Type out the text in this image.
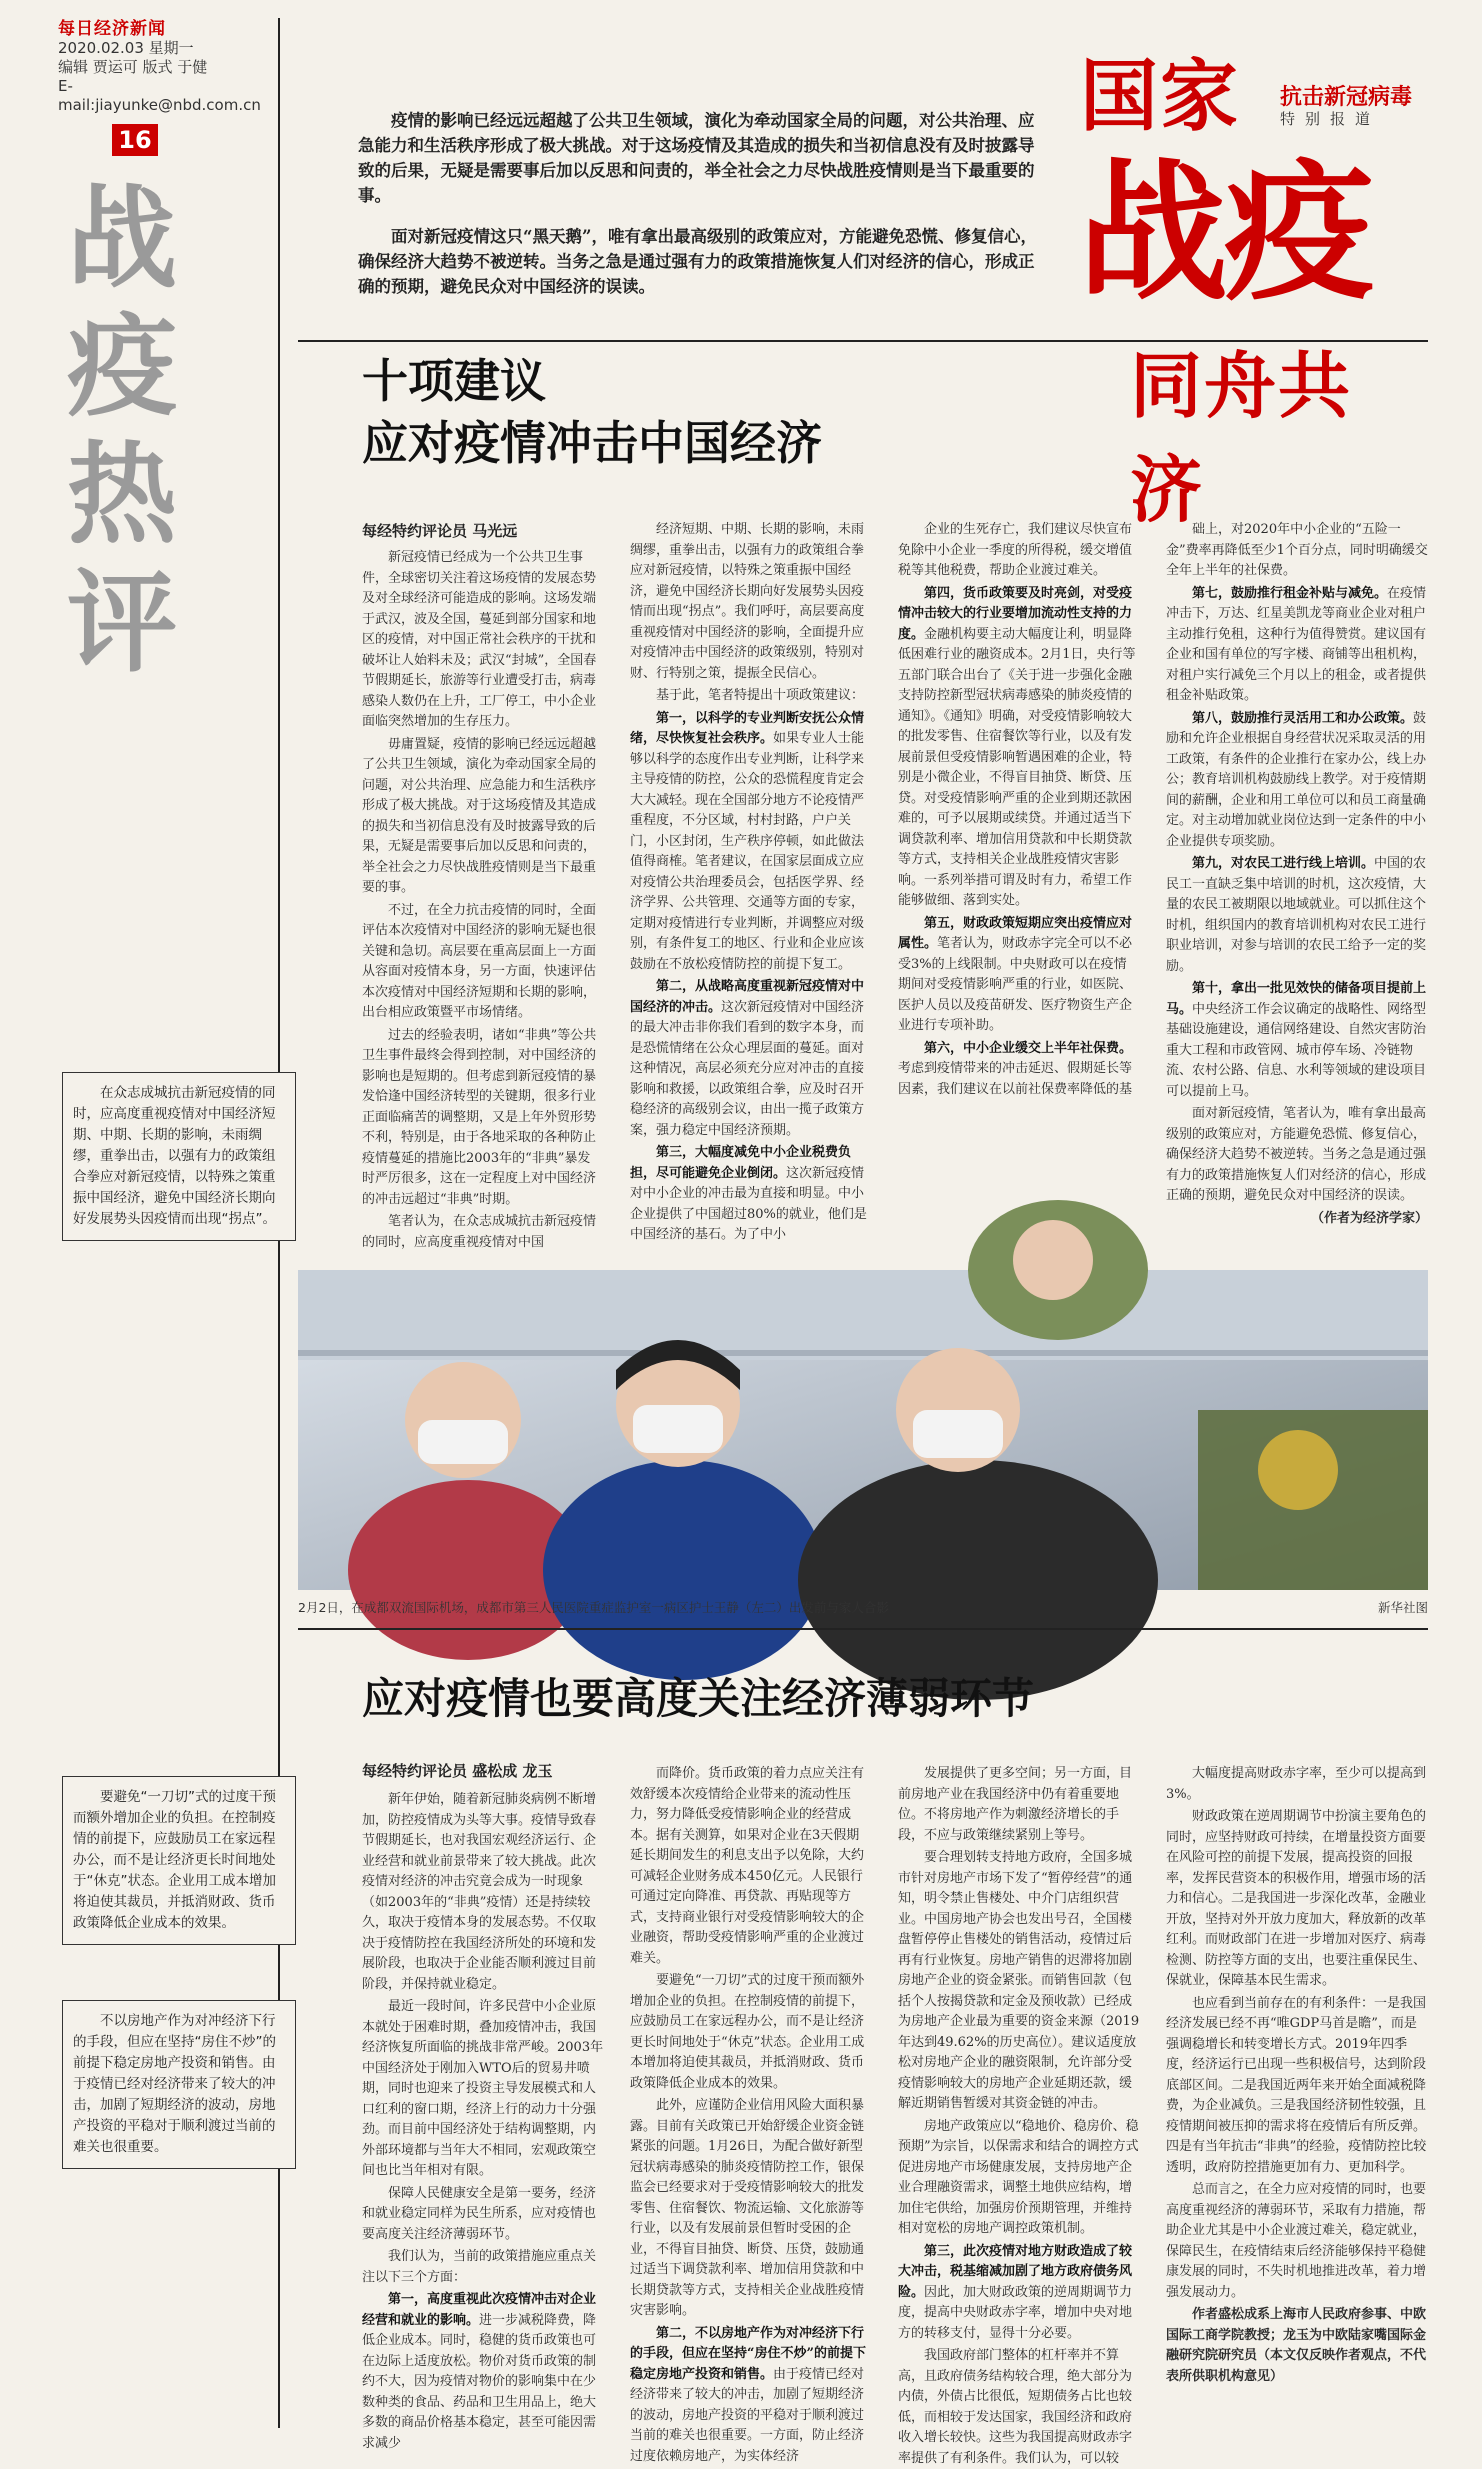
每日经济新闻
2020.02.03 星期一
编辑 贾运可 版式 于健
E-mail:jiayunke@nbd.com.cn
16
战
疫
热
评
在众志成城抗击新冠疫情的同时，应高度重视疫情对中国经济短期、中期、长期的影响，未雨绸缪，重拳出击，以强有力的政策组合拳应对新冠疫情，以特殊之策重振中国经济，避免中国经济长期向好发展势头因疫情而出现“拐点”。
要避免“一刀切”式的过度干预而额外增加企业的负担。在控制疫情的前提下，应鼓励员工在家远程办公，而不是让经济更长时间地处于“休克”状态。企业用工成本增加将迫使其裁员，并抵消财政、货币政策降低企业成本的效果。
不以房地产作为对冲经济下行的手段，但应在坚持“房住不炒”的前提下稳定房地产投资和销售。由于疫情已经对经济带来了较大的冲击，加剧了短期经济的波动，房地产投资的平稳对于顺利渡过当前的难关也很重要。

疫情的影响已经远远超越了公共卫生领域，演化为牵动国家全局的问题，对公共治理、应急能力和生活秩序形成了极大挑战。对于这场疫情及其造成的损失和当初信息没有及时披露导致的后果，无疑是需要事后加以反思和问责的，举全社会之力尽快战胜疫情则是当下最重要的事。

面对新冠疫情这只“黑天鹅”，唯有拿出最高级别的政策应对，方能避免恐慌、修复信心，确保经济大趋势不被逆转。当务之急是通过强有力的政策措施恢复人们对经济的信心，形成正确的预期，避免民众对中国经济的误读。

国家 抗击新冠病毒
特别报道
战疫
同舟共济
十项建议
应对疫情冲击中国经济
每经特约评论员 马光远

新冠疫情已经成为一个公共卫生事件，全球密切关注着这场疫情的发展态势及对全球经济可能造成的影响。这场发端于武汉，波及全国，蔓延到部分国家和地区的疫情，对中国正常社会秩序的干扰和破坏让人始料未及；武汉“封城”，全国春节假期延长，旅游等行业遭受打击，病毒感染人数仍在上升，工厂停工，中小企业面临突然增加的生存压力。

毋庸置疑，疫情的影响已经远远超越了公共卫生领域，演化为牵动国家全局的问题，对公共治理、应急能力和生活秩序形成了极大挑战。对于这场疫情及其造成的损失和当初信息没有及时披露导致的后果，无疑是需要事后加以反思和问责的，举全社会之力尽快战胜疫情则是当下最重要的事。

不过，在全力抗击疫情的同时，全面评估本次疫情对中国经济的影响无疑也很关键和急切。高层要在重高层面上一方面从容面对疫情本身，另一方面，快速评估本次疫情对中国经济短期和长期的影响，出台相应政策暨平市场情绪。

过去的经验表明，诸如“非典”等公共卫生事件最终会得到控制，对中国经济的影响也是短期的。但考虑到新冠疫情的暴发恰逢中国经济转型的关键期，很多行业正面临痛苦的调整期，又是上年外贸形势不利，特别是，由于各地采取的各种防止疫情蔓延的措施比2003年的“非典”暴发时严厉很多，这在一定程度上对中国经济的冲击远超过“非典”时期。

笔者认为，在众志成城抗击新冠疫情的同时，应高度重视疫情对中国

经济短期、中期、长期的影响，未雨绸缪，重拳出击，以强有力的政策组合拳应对新冠疫情，以特殊之策重振中国经济，避免中国经济长期向好发展势头因疫情而出现“拐点”。我们呼吁，高层要高度重视疫情对中国经济的影响，全面提升应对疫情冲击中国经济的政策级别，特别对财、行特别之策，提振全民信心。

基于此，笔者特提出十项政策建议：

第一，以科学的专业判断安抚公众情绪，尽快恢复社会秩序。如果专业人士能够以科学的态度作出专业判断，让科学来主导疫情的防控，公众的恐慌程度肯定会大大减轻。现在全国部分地方不论疫情严重程度，不分区域，村村封路，户户关门，小区封闭，生产秩序停顿，如此做法值得商榷。笔者建议，在国家层面成立应对疫情公共治理委员会，包括医学界、经济学界、公共管理、交通等方面的专家，定期对疫情进行专业判断，并调整应对级别，有条件复工的地区、行业和企业应该鼓励在不放松疫情防控的前提下复工。

第二，从战略高度重视新冠疫情对中国经济的冲击。这次新冠疫情对中国经济的最大冲击非你我们看到的数字本身，而是恐慌情绪在公众心理层面的蔓延。面对这种情况，高层必须充分应对冲击的直接影响和救援，以政策组合拳，应及时召开稳经济的高级别会议，由出一揽子政策方案，强力稳定中国经济预期。

第三，大幅度减免中小企业税费负担，尽可能避免企业倒闭。这次新冠疫情对中小企业的冲击最为直接和明显。中小企业提供了中国超过80%的就业，他们是中国经济的基石。为了中小

企业的生死存亡，我们建议尽快宣布免除中小企业一季度的所得税，缓交增值税等其他税费，帮助企业渡过难关。

第四，货币政策要及时亮剑，对受疫情冲击较大的行业要增加流动性支持的力度。金融机构要主动大幅度让利，明显降低困难行业的融资成本。2月1日，央行等五部门联合出台了《关于进一步强化金融支持防控新型冠状病毒感染的肺炎疫情的通知》。《通知》明确，对受疫情影响较大的批发零售、住宿餐饮等行业，以及有发展前景但受疫情影响暂遇困难的企业，特别是小微企业，不得盲目抽贷、断贷、压贷。对受疫情影响严重的企业到期还款困难的，可予以展期或续贷。并通过适当下调贷款利率、增加信用贷款和中长期贷款等方式，支持相关企业战胜疫情灾害影响。一系列举措可谓及时有力，希望工作能够做细、落到实处。

第五，财政政策短期应突出疫情应对属性。笔者认为，财政赤字完全可以不必受3%的上线限制。中央财政可以在疫情期间对受疫情影响严重的行业，如医院、医护人员以及疫苗研发、医疗物资生产企业进行专项补助。

第六，中小企业缓交上半年社保费。考虑到疫情带来的冲击延迟、假期延长等因素，我们建议在以前社保费率降低的基

础上，对2020年中小企业的“五险一金”费率再降低至少1个百分点，同时明确缓交全年上半年的社保费。

第七，鼓励推行租金补贴与减免。在疫情冲击下，万达、红星美凯龙等商业企业对租户主动推行免租，这种行为值得赞赏。建议国有企业和国有单位的写字楼、商铺等出租机构，对租户实行减免三个月以上的租金，或者提供租金补贴政策。

第八，鼓励推行灵活用工和办公政策。鼓励和允许企业根据自身经营状况采取灵活的用工政策，有条件的企业推行在家办公，线上办公；教育培训机构鼓励线上教学。对于疫情期间的薪酬，企业和用工单位可以和员工商量确定。对主动增加就业岗位达到一定条件的中小企业提供专项奖励。

第九，对农民工进行线上培训。中国的农民工一直缺乏集中培训的时机，这次疫情，大量的农民工被期限以地域就业。可以抓住这个时机，组织国内的教育培训机构对农民工进行职业培训，对参与培训的农民工给予一定的奖励。

第十，拿出一批见效快的储备项目提前上马。中央经济工作会议确定的战略性、网络型基础设施建设，通信网络建设、自然灾害防治重大工程和市政管网、城市停车场、冷链物流、农村公路、信息、水利等领域的建设项目可以提前上马。

面对新冠疫情，笔者认为，唯有拿出最高级别的政策应对，方能避免恐慌、修复信心，确保经济大趋势不被逆转。当务之急是通过强有力的政策措施恢复人们对经济的信心，形成正确的预期，避免民众对中国经济的误读。

（作者为经济学家）

2月2日，在成都双流国际机场，成都市第三人民医院重症监护室一病区护士王静（左二）出发前与家人合影	新华社图
应对疫情也要高度关注经济薄弱环节
每经特约评论员 盛松成 龙玉

新年伊始，随着新冠肺炎病例不断增加，防控疫情成为头等大事。疫情导致春节假期延长，也对我国宏观经济运行、企业经营和就业前景带来了较大挑战。此次疫情对经济的冲击究竟会成为一时现象（如2003年的“非典”疫情）还是持续较久，取决于疫情本身的发展态势。不仅取决于疫情防控在我国经济所处的环境和发展阶段，也取决于企业能否顺利渡过目前阶段，并保持就业稳定。

最近一段时间，许多民营中小企业原本就处于困难时期，叠加疫情冲击，我国经济恢复所面临的挑战非常严峻。2003年中国经济处于刚加入WTO后的贸易井喷期，同时也迎来了投资主导发展模式和人口红利的窗口期，经济上行的动力十分强劲。而目前中国经济处于结构调整期，内外部环境都与当年大不相同，宏观政策空间也比当年相对有限。

保障人民健康安全是第一要务，经济和就业稳定同样为民生所系，应对疫情也要高度关注经济薄弱环节。

我们认为，当前的政策措施应重点关注以下三个方面：

第一，高度重视此次疫情冲击对企业经营和就业的影响。进一步减税降费，降低企业成本。同时，稳健的货币政策也可在边际上适度放松。物价对货币政策的制约不大，因为疫情对物价的影响集中在少数种类的食品、药品和卫生用品上，绝大多数的商品价格基本稳定，甚至可能因需求减少

而降价。货币政策的着力点应关注有效舒缓本次疫情给企业带来的流动性压力，努力降低受疫情影响企业的经营成本。据有关测算，如果对企业在3天假期延长期间发生的利息支出予以免除，大约可减轻企业财务成本450亿元。人民银行可通过定向降准、再贷款、再贴现等方式，支持商业银行对受疫情影响较大的企业融资，帮助受疫情影响严重的企业渡过难关。

要避免“一刀切”式的过度干预而额外增加企业的负担。在控制疫情的前提下，应鼓励员工在家远程办公，而不是让经济更长时间地处于“休克”状态。企业用工成本增加将迫使其裁员，并抵消财政、货币政策降低企业成本的效果。

此外，应谨防企业信用风险大面积暴露。目前有关政策已开始舒缓企业资金链紧张的问题。1月26日，为配合做好新型冠状病毒感染的肺炎疫情防控工作，银保监会已经要求对于受疫情影响较大的批发零售、住宿餐饮、物流运输、文化旅游等行业，以及有发展前景但暂时受困的企业，不得盲目抽贷、断贷、压贷，鼓励通过适当下调贷款利率、增加信用贷款和中长期贷款等方式，支持相关企业战胜疫情灾害影响。

第二，不以房地产作为对冲经济下行的手段，但应在坚持“房住不炒”的前提下稳定房地产投资和销售。由于疫情已经对经济带来了较大的冲击，加剧了短期经济的波动，房地产投资的平稳对于顺利渡过当前的难关也很重要。一方面，防止经济过度依赖房地产，为实体经济

发展提供了更多空间；另一方面，目前房地产业在我国经济中仍有着重要地位。不将房地产作为刺激经济增长的手段，不应与政策继续紧别上等号。

要合理划转支持地方政府，全国多城市针对房地产市场下发了“暂停经营”的通知，明令禁止售楼处、中介门店组织营业。中国房地产协会也发出号召，全国楼盘暂停停止售楼处的销售活动，疫情过后再有行业恢复。房地产销售的迟滞将加剧房地产企业的资金紧张。而销售回款（包括个人按揭贷款和定金及预收款）已经成为房地产企业最为重要的资金来源（2019年达到49.62%的历史高位）。建议适度放松对房地产企业的融资限制，允许部分受疫情影响较大的房地产企业延期还款，缓解近期销售暂缓对其资金链的冲击。

房地产政策应以“稳地价、稳房价、稳预期”为宗旨，以保需求和结合的调控方式促进房地产市场健康发展，支持房地产企业合理融资需求，调整土地供应结构，增加住宅供给，加强房价预期管理，并维持相对宽松的房地产调控政策机制。

第三，此次疫情对地方财政造成了较大冲击，税基缩减加剧了地方政府债务风险。因此，加大财政政策的逆周期调节力度，提高中央财政赤字率，增加中央对地方的转移支付，显得十分必要。

我国政府部门整体的杠杆率并不算高，且政府债务结构较合理，绝大部分为内债，外债占比很低，短期债务占比也较低，而相较于发达国家，我国经济和政府收入增长较快。这些为我国提高财政赤字率提供了有利条件。我们认为，可以较

大幅度提高财政赤字率，至少可以提高到3%。

财政政策在逆周期调节中扮演主要角色的同时，应坚持财政可持续，在增量投资方面要在风险可控的前提下发展，提高投资的回报率，发挥民营资本的积极作用，增强市场的活力和信心。二是我国进一步深化改革，金融业开放，坚持对外开放力度加大，释放新的改革红利。而财政部门在进一步增加对医疗、病毒检测、防控等方面的支出，也要注重保民生、保就业，保障基本民生需求。

也应看到当前存在的有利条件：一是我国经济发展已经不再“唯GDP马首是瞻”，而是强调稳增长和转变增长方式。2019年四季度，经济运行已出现一些积极信号，达到阶段底部区间。二是我国近两年来开始全面减税降费，为企业减负。三是我国经济韧性较强，且疫情期间被压抑的需求将在疫情后有所反弹。四是有当年抗击“非典”的经验，疫情防控比较透明，政府防控措施更加有力、更加科学。

总而言之，在全力应对疫情的同时，也要高度重视经济的薄弱环节，采取有力措施，帮助企业尤其是中小企业渡过难关，稳定就业，保障民生，在疫情结束后经济能够保持平稳健康发展的同时，不失时机地推进改革，着力增强发展动力。

作者盛松成系上海市人民政府参事、中欧国际工商学院教授；龙玉为中欧陆家嘴国际金融研究院研究员（本文仅反映作者观点，不代表所供职机构意见）
